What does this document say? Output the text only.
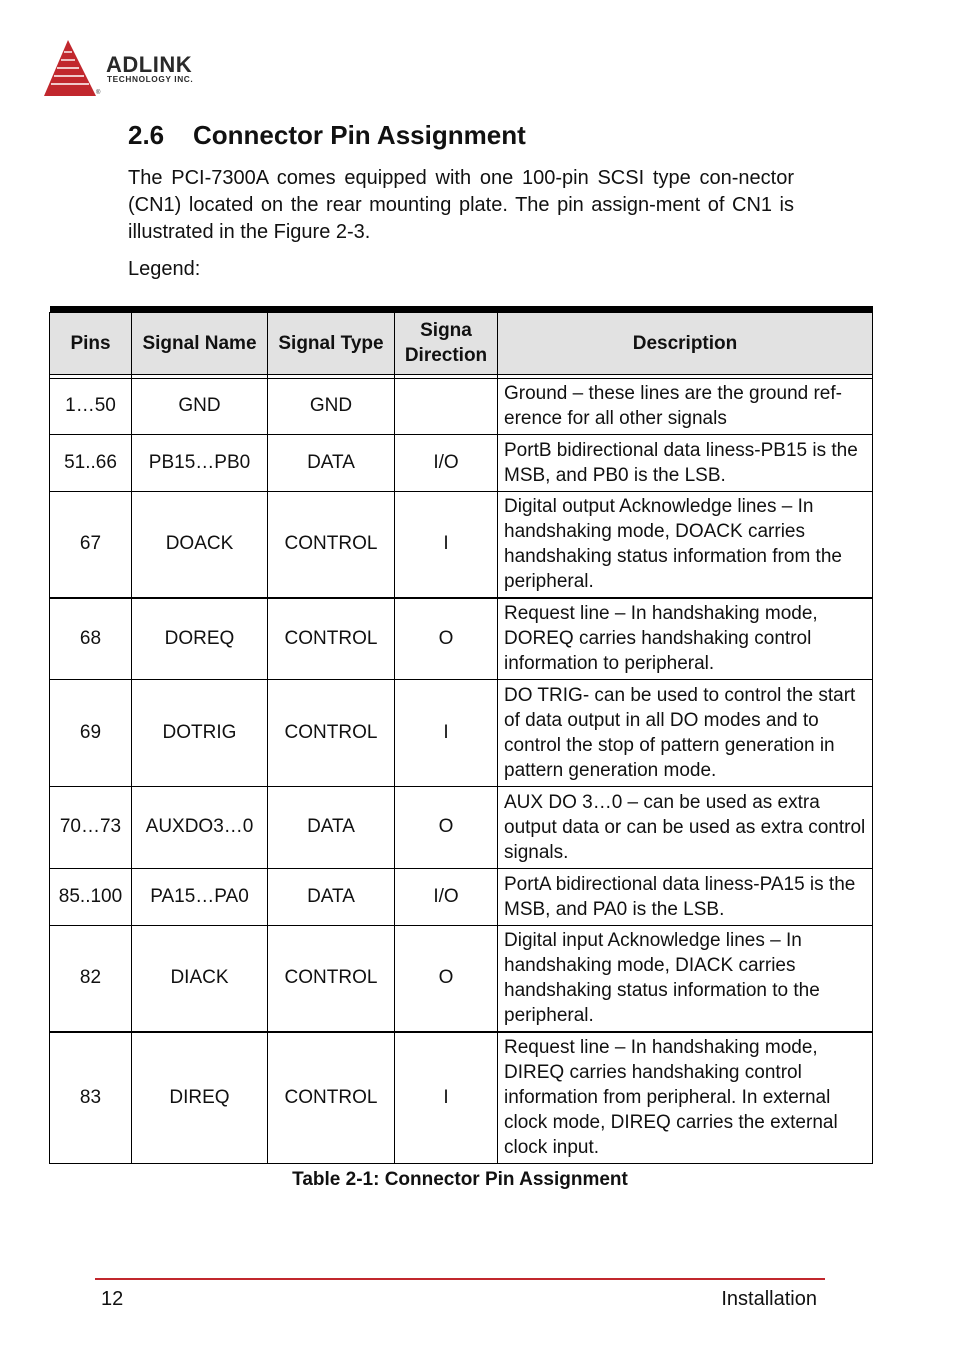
ADLINK
TECHNOLOGY INC.
®
2.6 Connector Pin Assignment

The PCI-7300A comes equipped with one 100-pin SCSI type con-nector (CN1) located on the rear mounting plate. The pin assign-ment of CN1 is illustrated in the Figure 2-3.

Legend:

Pins	Signal Name	Signal Type	Signa Direction	Description

1…50	GND	GND		Ground – these lines are the ground ref-erence for all other signals
51..66	PB15…PB0	DATA	I/O	PortB bidirectional data liness-PB15 is the MSB, and PB0 is the LSB.
67	DOACK	CONTROL	I	Digital output Acknowledge lines – In handshaking mode, DOACK carries handshaking status information from the peripheral.
68	DOREQ	CONTROL	O	Request line – In handshaking mode, DOREQ carries handshaking control information to peripheral.
69	DOTRIG	CONTROL	I	DO TRIG- can be used to control the start of data output in all DO modes and to control the stop of pattern generation in pattern generation mode.
70…73	AUXDO3…0	DATA	O	AUX DO 3…0 – can be used as extra output data or can be used as extra control signals.
85..100	PA15…PA0	DATA	I/O	PortA bidirectional data liness-PA15 is the MSB, and PA0 is the LSB.
82	DIACK	CONTROL	O	Digital input Acknowledge lines – In handshaking mode, DIACK carries handshaking status information to the peripheral.
83	DIREQ	CONTROL	I	Request line – In handshaking mode, DIREQ carries handshaking control information from peripheral. In external clock mode, DIREQ carries the external clock input.
Table 2-1: Connector Pin Assignment
12	Installation
